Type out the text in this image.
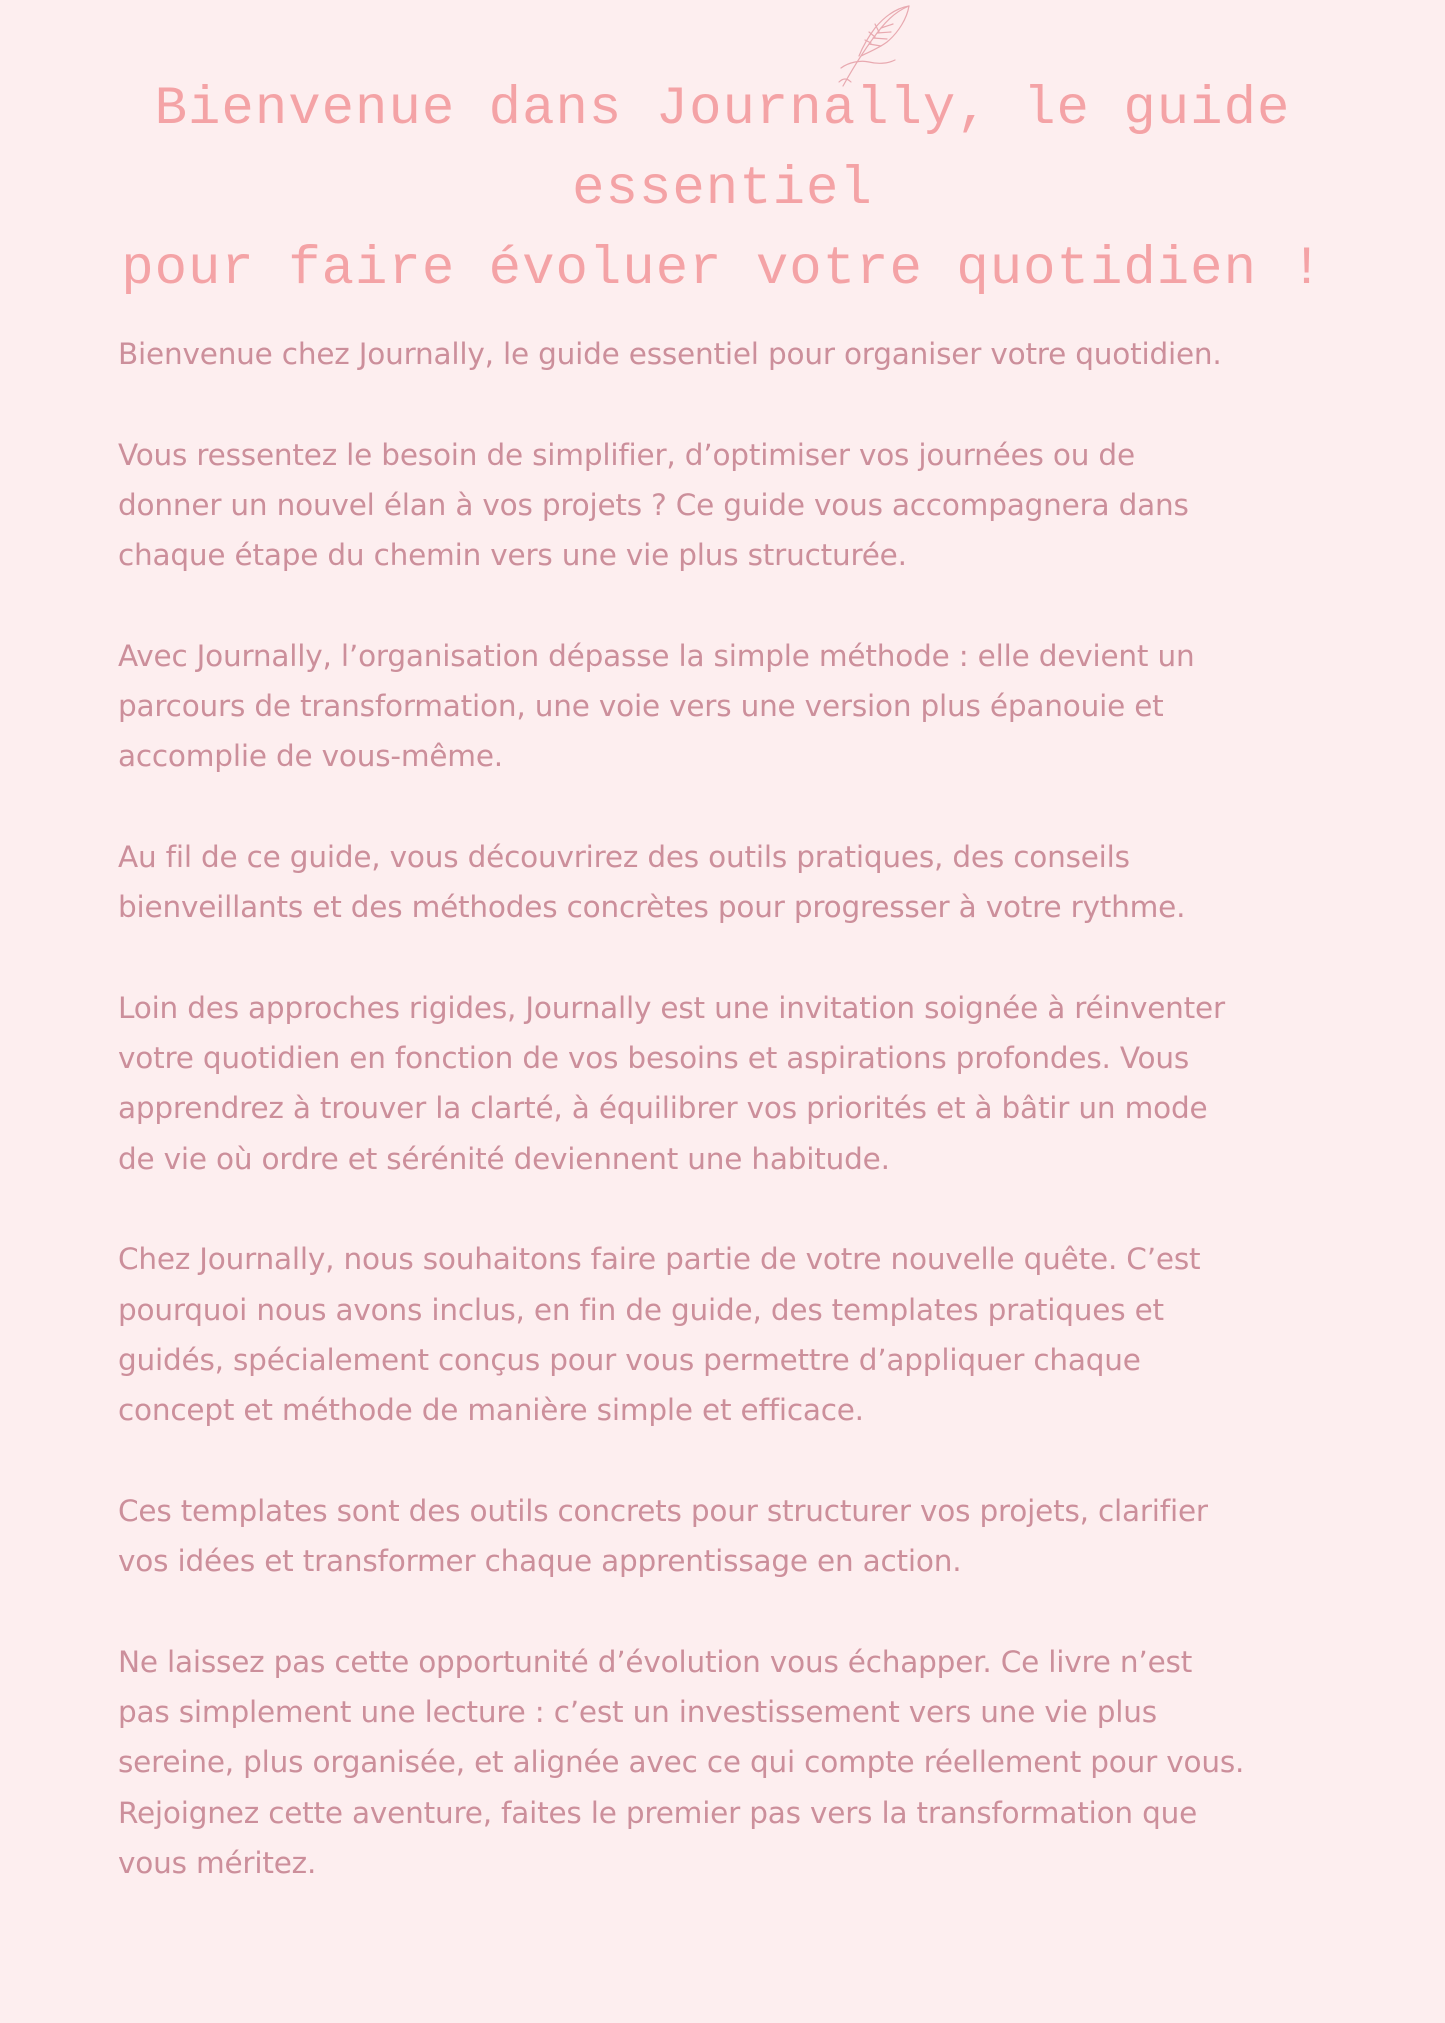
Bienvenue dans Journally, le guide essentiel
pour faire évoluer votre quotidien !

Bienvenue chez Journally, le guide essentiel pour organiser votre quotidien.

Vous ressentez le besoin de simplifier, d’optimiser vos journées ou de
donner un nouvel élan à vos projets ? Ce guide vous accompagnera dans
chaque étape du chemin vers une vie plus structurée.

Avec Journally, l’organisation dépasse la simple méthode : elle devient un
parcours de transformation, une voie vers une version plus épanouie et
accomplie de vous-même.

Au fil de ce guide, vous découvrirez des outils pratiques, des conseils
bienveillants et des méthodes concrètes pour progresser à votre rythme.

Loin des approches rigides, Journally est une invitation soignée à réinventer
votre quotidien en fonction de vos besoins et aspirations profondes. Vous
apprendrez à trouver la clarté, à équilibrer vos priorités et à bâtir un mode
de vie où ordre et sérénité deviennent une habitude.

Chez Journally, nous souhaitons faire partie de votre nouvelle quête. C’est
pourquoi nous avons inclus, en fin de guide, des templates pratiques et
guidés, spécialement conçus pour vous permettre d’appliquer chaque
concept et méthode de manière simple et efficace.

Ces templates sont des outils concrets pour structurer vos projets, clarifier
vos idées et transformer chaque apprentissage en action.

Ne laissez pas cette opportunité d’évolution vous échapper. Ce livre n’est
pas simplement une lecture : c’est un investissement vers une vie plus
sereine, plus organisée, et alignée avec ce qui compte réellement pour vous.
Rejoignez cette aventure, faites le premier pas vers la transformation que
vous méritez.
